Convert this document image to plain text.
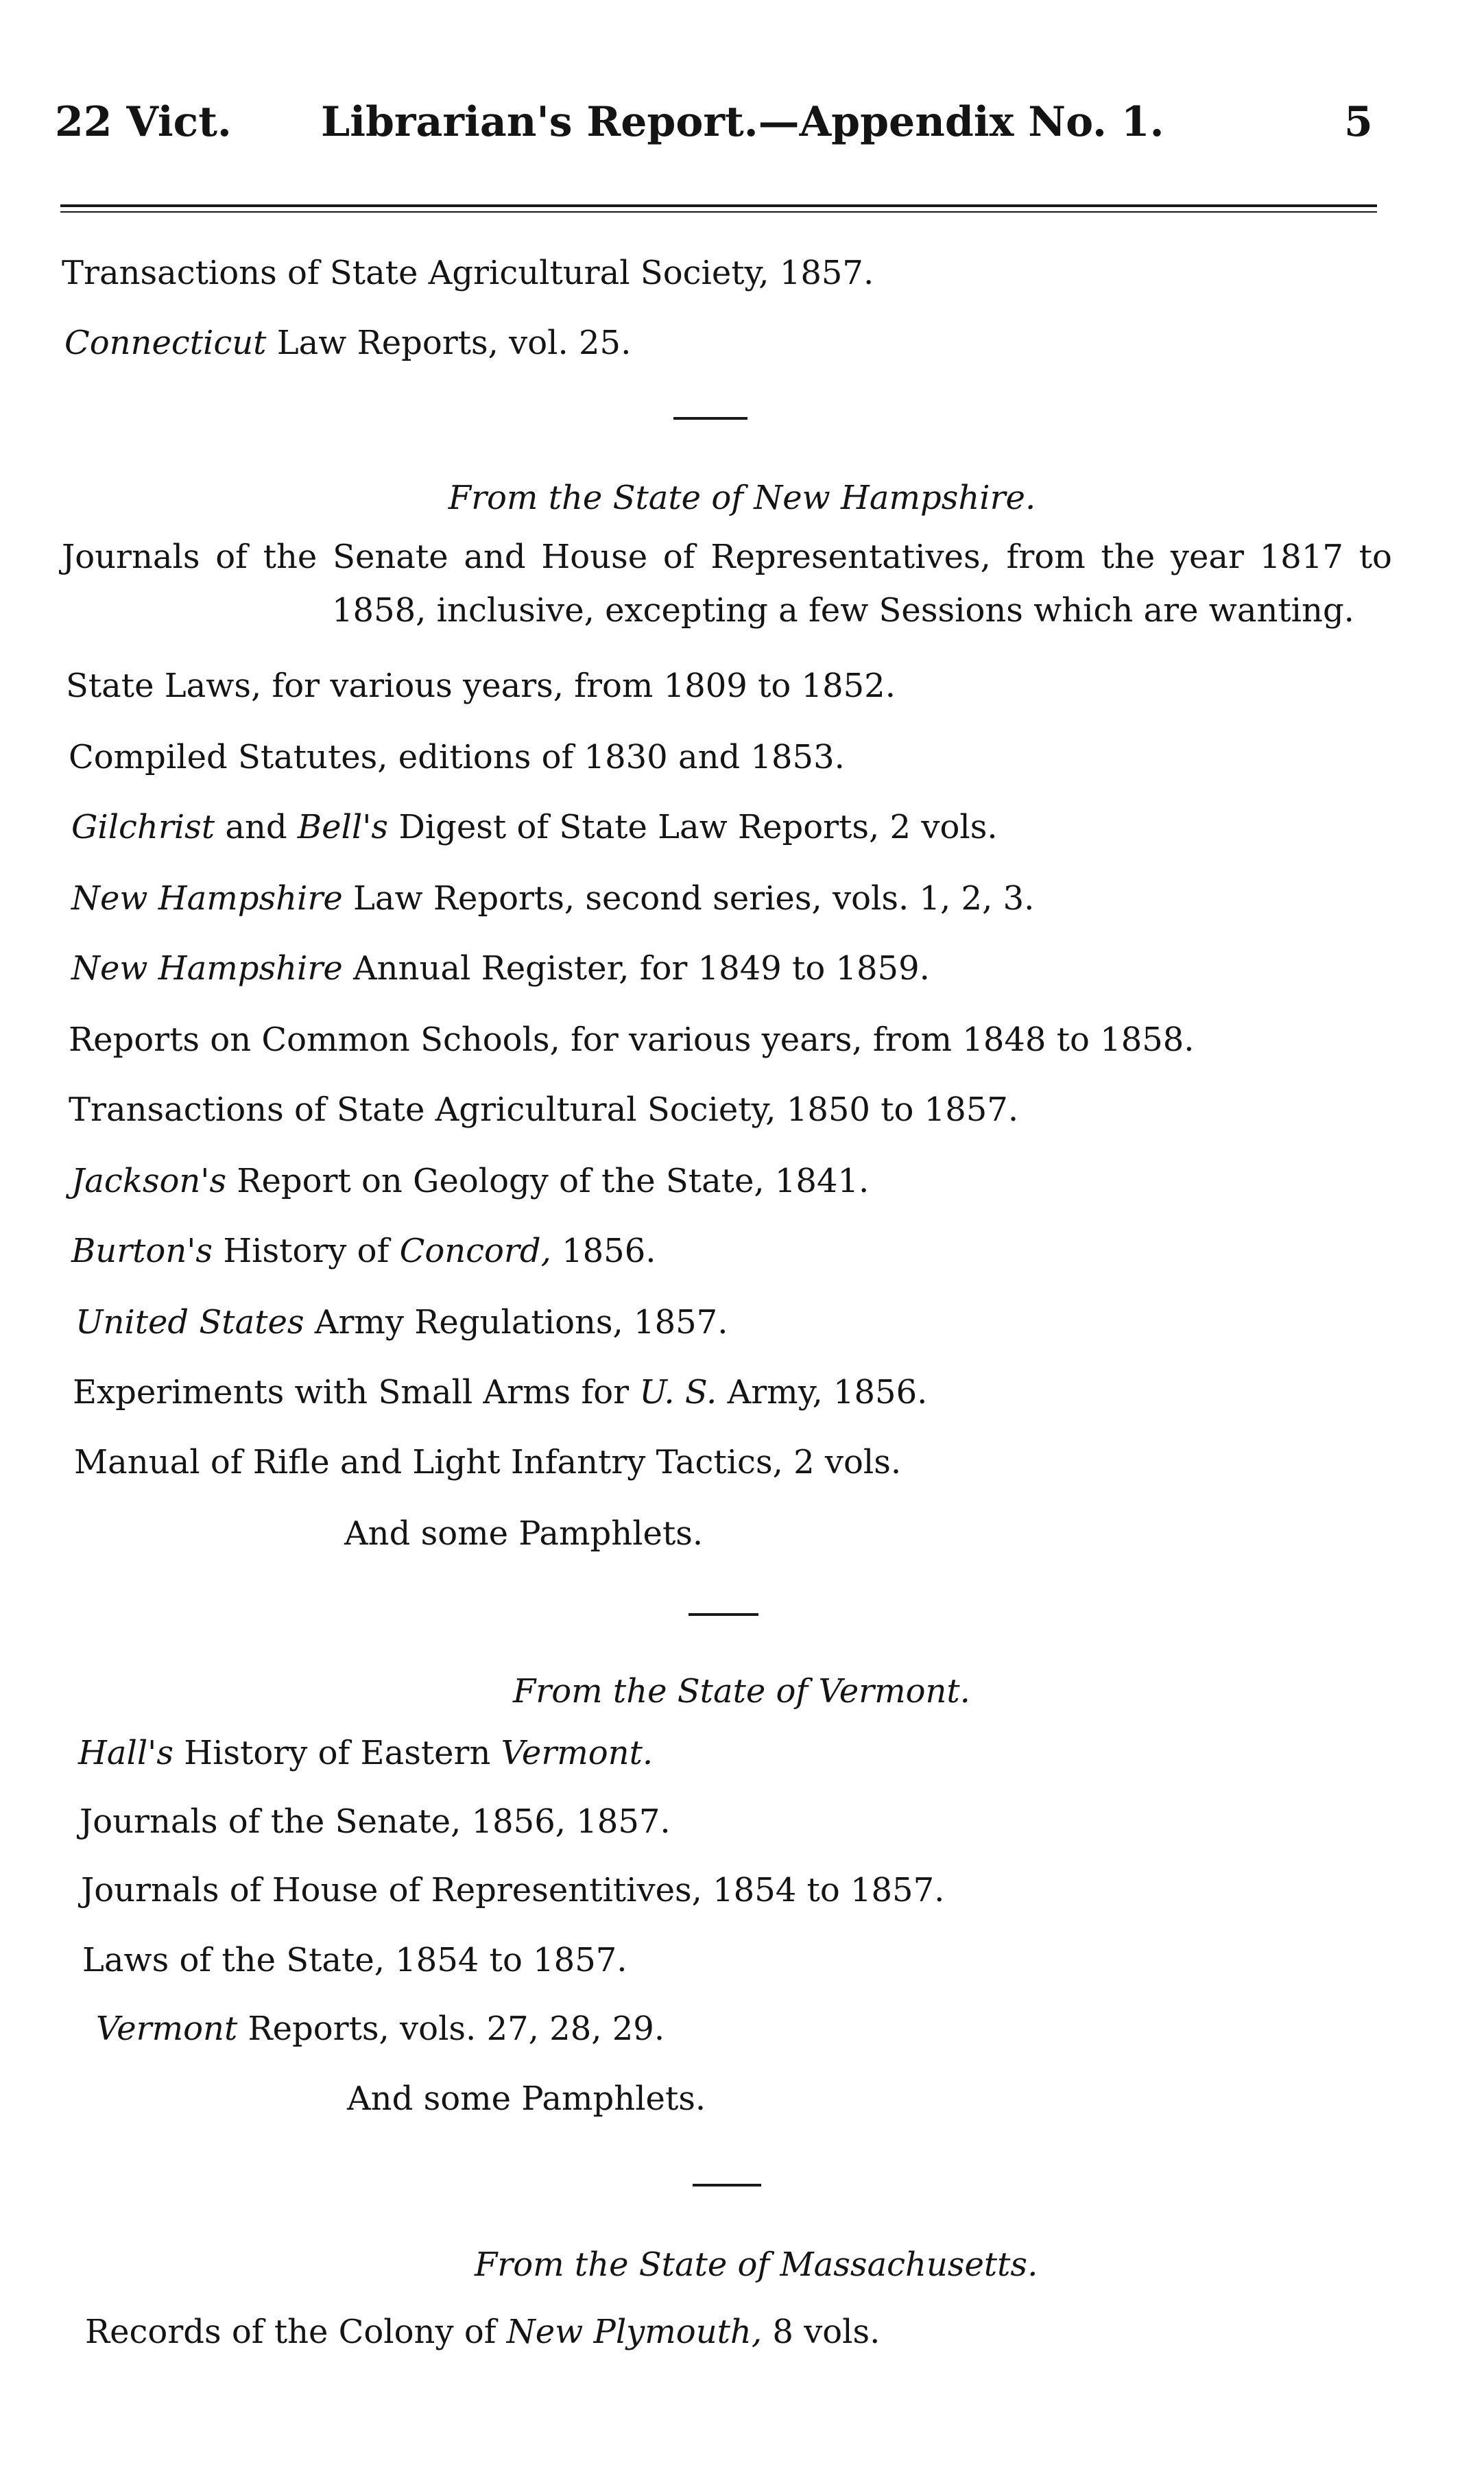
22 Vict. Librarian's Report.—Appendix No. 1.	5
Transactions of State Agricultural Society, 1857.
Connecticut Law Reports, vol. 25.
From the State of New Hampshire.
Journals of the Senate and House of Representatives, from the year 1817 to
1858, inclusive, excepting a few Sessions which are wanting.
State Laws, for various years, from 1809 to 1852.
Compiled Statutes, editions of 1830 and 1853.
Gilchrist and Bell's Digest of State Law Reports, 2 vols.
New Hampshire Law Reports, second series, vols. 1, 2, 3.
New Hampshire Annual Register, for 1849 to 1859.
Reports on Common Schools, for various years, from 1848 to 1858.
Transactions of State Agricultural Society, 1850 to 1857.
Jackson's Report on Geology of the State, 1841.
Burton's History of Concord, 1856.
United States Army Regulations, 1857.
Experiments with Small Arms for U. S. Army, 1856.
Manual of Rifle and Light Infantry Tactics, 2 vols.
And some Pamphlets.
From the State of Vermont.
Hall's History of Eastern Vermont.
Journals of the Senate, 1856, 1857.
Journals of House of Representitives, 1854 to 1857.
Laws of the State, 1854 to 1857.
Vermont Reports, vols. 27, 28, 29.
And some Pamphlets.
From the State of Massachusetts.
Records of the Colony of New Plymouth, 8 vols.
